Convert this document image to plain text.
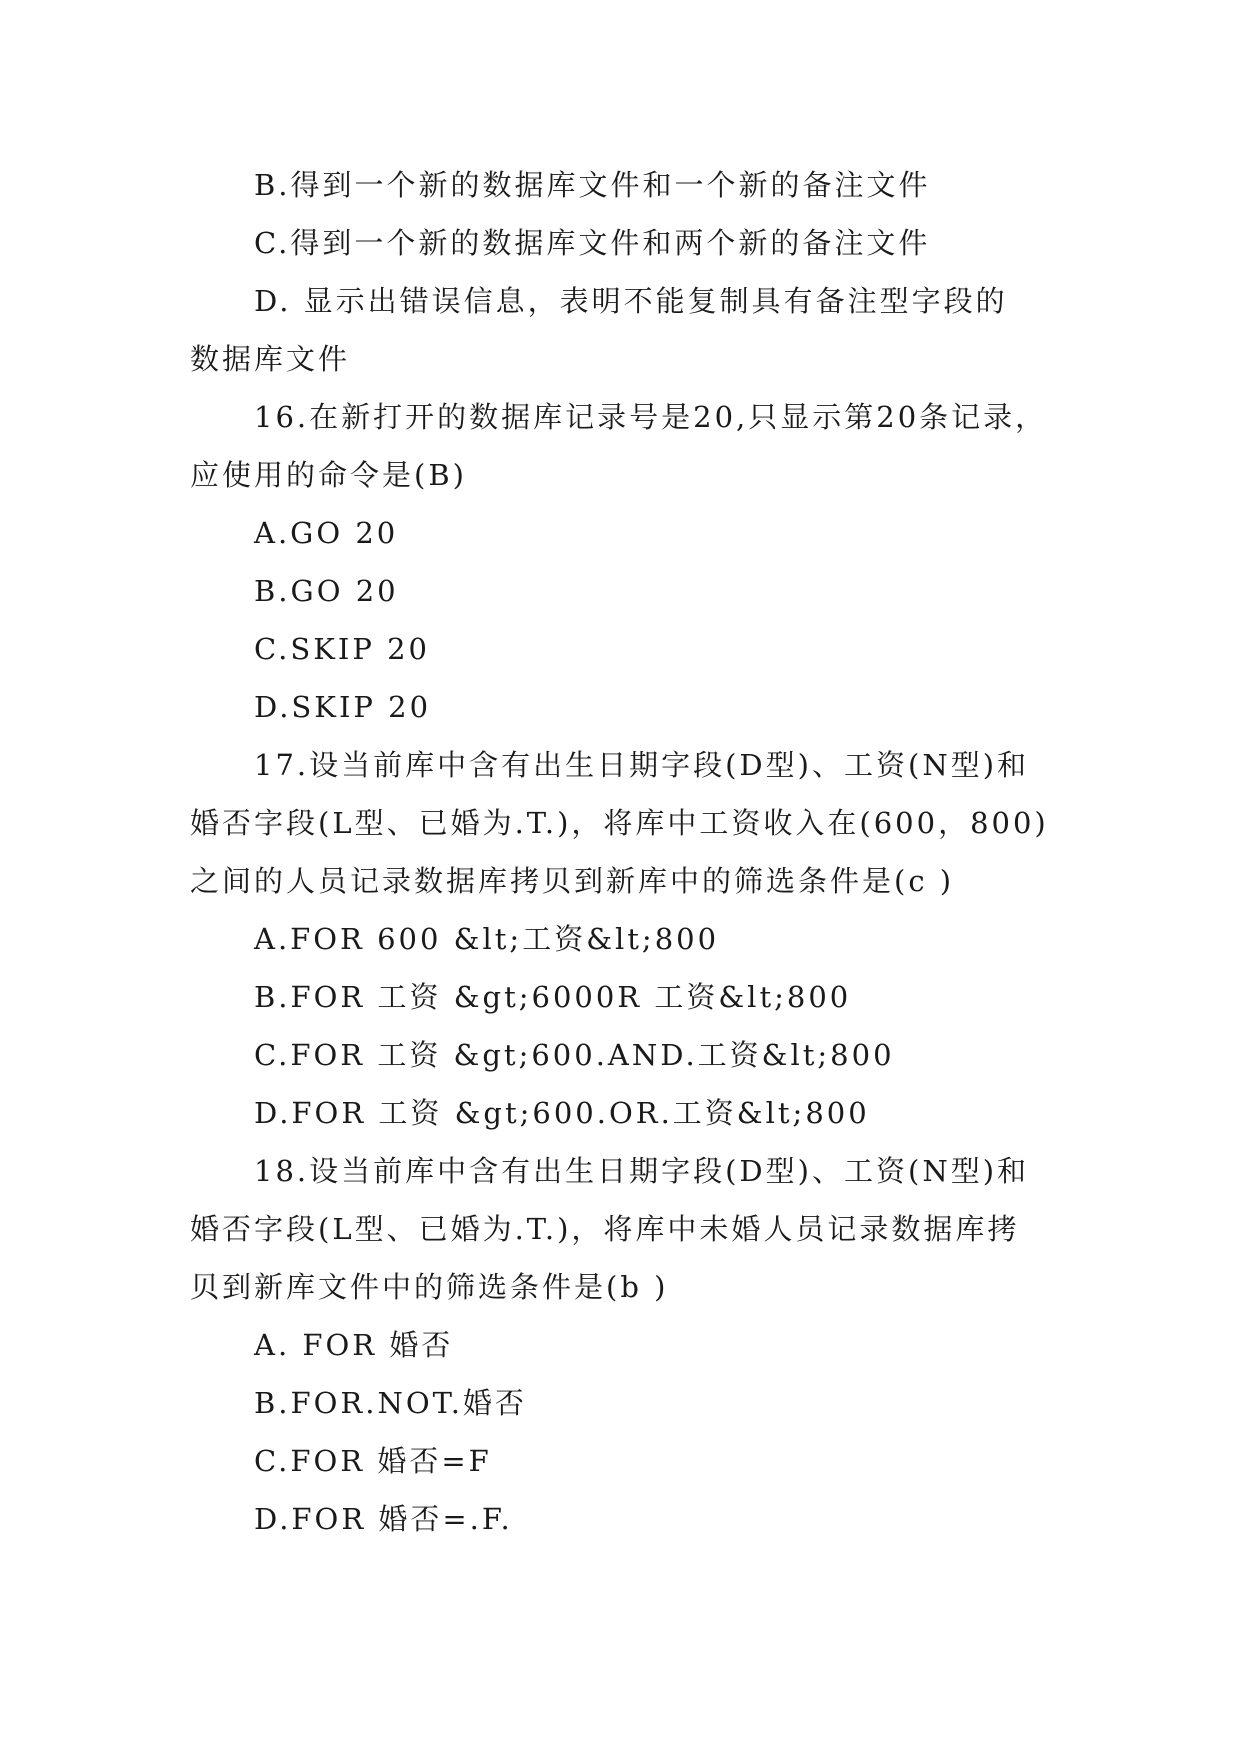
B.得到一个新的数据库文件和一个新的备注文件
C.得到一个新的数据库文件和两个新的备注文件
D. 显示出错误信息，表明不能复制具有备注型字段的
数据库文件
16.在新打开的数据库记录号是20,只显示第20条记录，
应使用的命令是(B)
A.GO 20
B.GO 20
C.SKIP 20
D.SKIP 20
17.设当前库中含有出生日期字段(D型)、工资(N型)和
婚否字段(L型、已婚为.T.)，将库中工资收入在(600，800)
之间的人员记录数据库拷贝到新库中的筛选条件是(c )
A.FOR 600 &lt;工资&lt;800
B.FOR 工资 &gt;6000R 工资&lt;800
C.FOR 工资 &gt;600.AND.工资&lt;800
D.FOR 工资 &gt;600.OR.工资&lt;800
18.设当前库中含有出生日期字段(D型)、工资(N型)和
婚否字段(L型、已婚为.T.)，将库中未婚人员记录数据库拷
贝到新库文件中的筛选条件是(b )
A. FOR 婚否
B.FOR.NOT.婚否
C.FOR 婚否=F
D.FOR 婚否=.F.
